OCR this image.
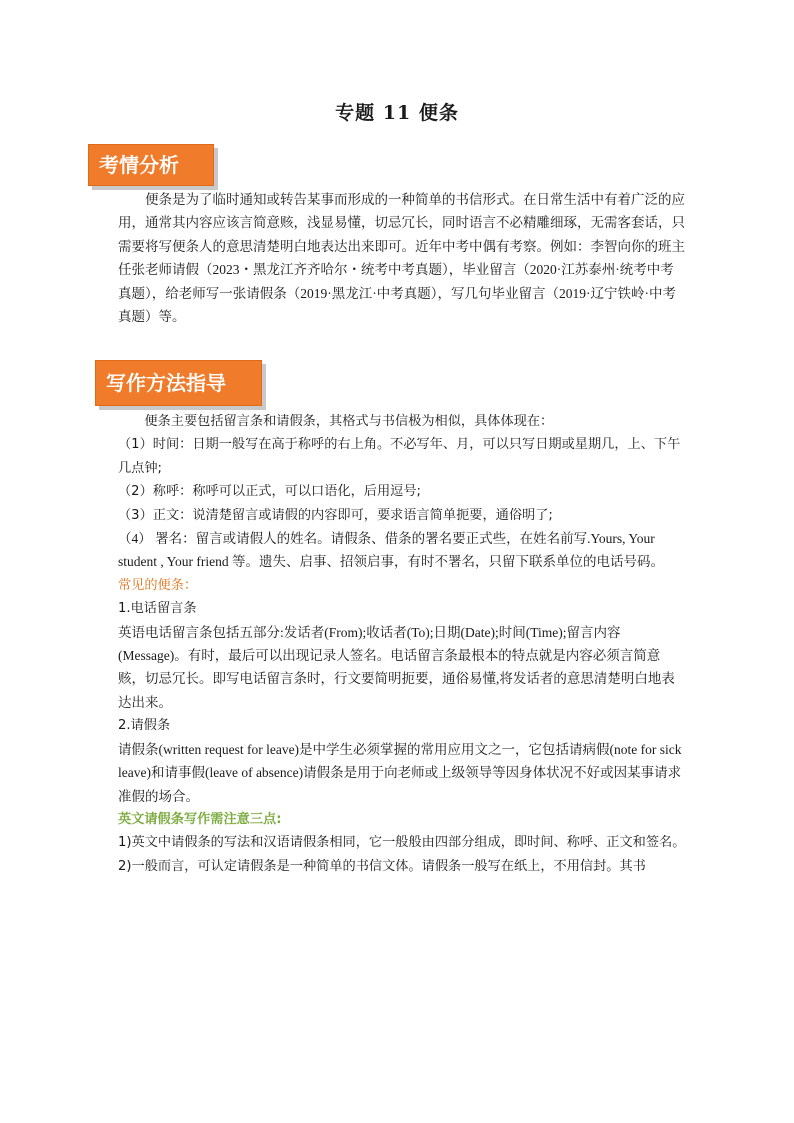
专题 11 便条
考情分析

便条是为了临时通知或转告某事而形成的一种简单的书信形式。在日常生活中有着广泛的应用，通常其内容应该言简意赅，浅显易懂，切忌冗长，同时语言不必精雕细琢，无需客套话，只需要将写便条人的意思清楚明白地表达出来即可。近年中考中偶有考察。例如：李智向你的班主任张老师请假（2023・黑龙江齐齐哈尔・统考中考真题），毕业留言（2020·江苏泰州·统考中考真题），给老师写一张请假条（2019·黑龙江·中考真题），写几句毕业留言（2019·辽宁铁岭·中考真题）等。

写作方法指导

便条主要包括留言条和请假条，其格式与书信极为相似，具体体现在：

（1）时间：日期一般写在高于称呼的右上角。不必写年、月，可以只写日期或星期几，上、下午几点钟;

（2）称呼：称呼可以正式，可以口语化，后用逗号;

（3）正文：说清楚留言或请假的内容即可，要求语言简单扼要，通俗明了;

（4） 署名：留言或请假人的姓名。请假条、借条的署名要正式些，在姓名前写.Yours, Your student , Your friend 等。遗失、启事、招领启事，有时不署名，只留下联系单位的电话号码。

常见的便条：

1.电话留言条

英语电话留言条包括五部分:发话者(From);收话者(To);日期(Date);时间(Time);留言内容(Message)。有时，最后可以出现记录人签名。电话留言条最根本的特点就是内容必须言简意赅，切忌冗长。即写电话留言条时，行文要简明扼要，通俗易懂,将发话者的意思清楚明白地表达出来。

2.请假条

请假条(written request for leave)是中学生必须掌握的常用应用文之一，它包括请病假(note for sick leave)和请事假(leave of absence)请假条是用于向老师或上级领导等因身体状况不好或因某事请求准假的场合。

英文请假条写作需注意三点:

1)英文中请假条的写法和汉语请假条相同，它一般般由四部分组成，即时间、称呼、正文和签名。

2)一般而言，可认定请假条是一种简单的书信文体。请假条一般写在纸上，不用信封。其书
